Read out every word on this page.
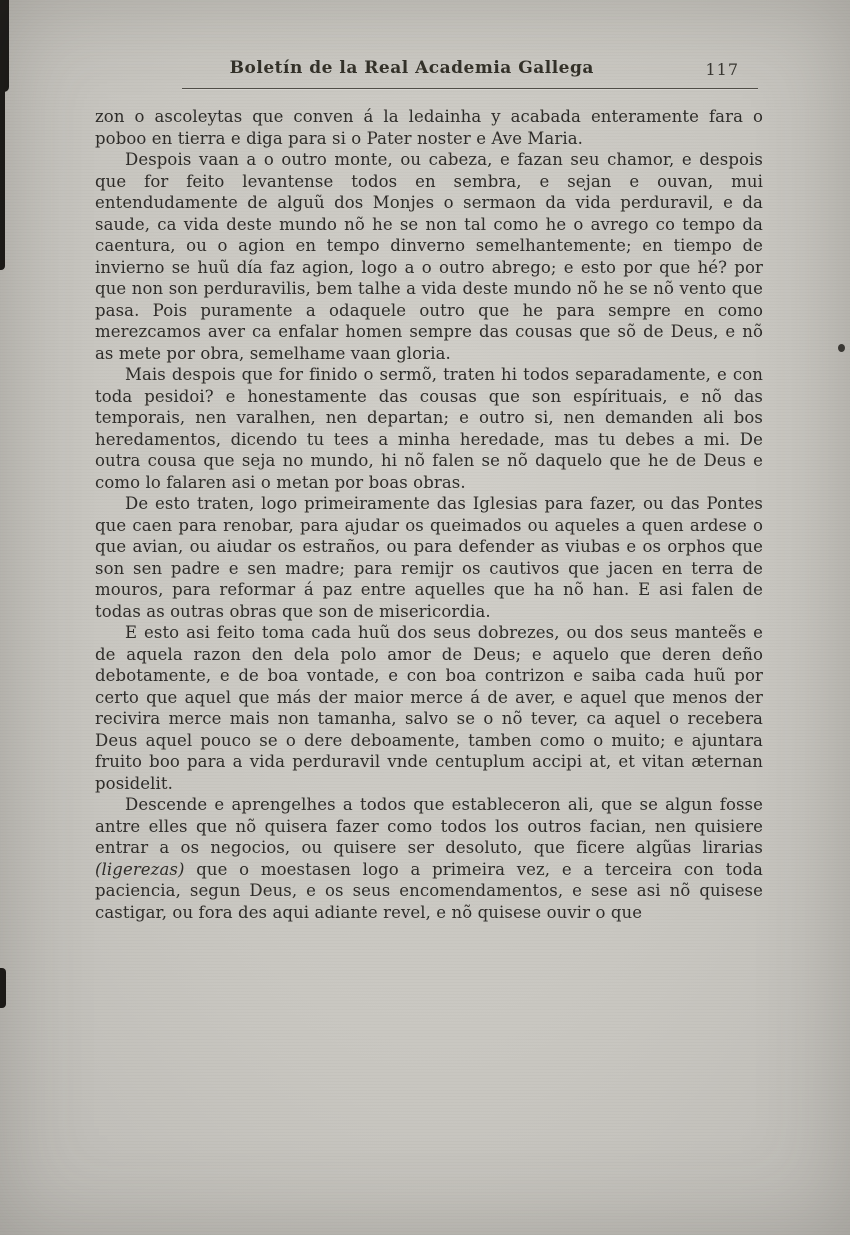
Boletín de la Real Academia Gallega	117

zon o ascoleytas que conven á la ledainha y acabada enteramente fara o poboo en tierra e diga para si o Pater noster e Ave Maria.

Despois vaan a o outro monte, ou cabeza, e fazan seu chamor, e despois que for feito levantense todos en sembra, e sejan e ouvan, mui entendudamente de alguũ dos Monjes o sermaon da vida perduravil, e da saude, ca vida deste mundo nõ he se non tal como he o avrego co tempo da caentura, ou o agion en tempo dinverno semelhantemente; en tiempo de invierno se huũ día faz agion, logo a o outro abrego; e esto por que hé? por que non son perduravilis, bem talhe a vida deste mundo nõ he se nõ vento que pasa. Pois puramente a odaquele outro que he para sempre en como merezcamos aver ca enfalar homen sempre das cousas que sõ de Deus, e nõ as mete por obra, semelhame vaan gloria.

Mais despois que for finido o sermõ, traten hi todos separadamente, e con toda pesidoi? e honestamente das cousas que son espírituais, e nõ das temporais, nen varalhen, nen departan; e outro si, nen demanden ali bos heredamentos, dicendo tu tees a minha heredade, mas tu debes a mi. De outra cousa que seja no mundo, hi nõ falen se nõ daquelo que he de Deus e como lo falaren asi o metan por boas obras.

De esto traten, logo primeiramente das Iglesias para fazer, ou das Pontes que caen para renobar, para ajudar os queimados ou aqueles a quen ardese o que avian, ou aiudar os estraños, ou para defender as viubas e os orphos que son sen padre e sen madre; para remijr os cautivos que jacen en terra de mouros, para reformar á paz entre aquelles que ha nõ han. E asi falen de todas as outras obras que son de misericordia.

E esto asi feito toma cada huũ dos seus dobrezes, ou dos seus manteẽs e de aquela razon den dela polo amor de Deus; e aquelo que deren deño debotamente, e de boa vontade, e con boa contrizon e saiba cada huũ por certo que aquel que más der maior merce á de aver, e aquel que menos der recivira merce mais non tamanha, salvo se o nõ tever, ca aquel o recebera Deus aquel pouco se o dere deboamente, tamben como o muito; e ajuntara fruito boo para a vida perduravil vnde centuplum accipi at, et vitan æternan posidelit.

Descende e aprengelhes a todos que estableceron ali, que se algun fosse antre elles que nõ quisera fazer como todos los outros facian, nen quisiere entrar a os negocios, ou quisere ser desoluto, que ficere algũas lirarias (ligerezas) que o moestasen logo a primeira vez, e a terceira con toda paciencia, segun Deus, e os seus encomendamentos, e sese asi nõ quisese castigar, ou fora des aqui adiante revel, e nõ quisese ouvir o que
